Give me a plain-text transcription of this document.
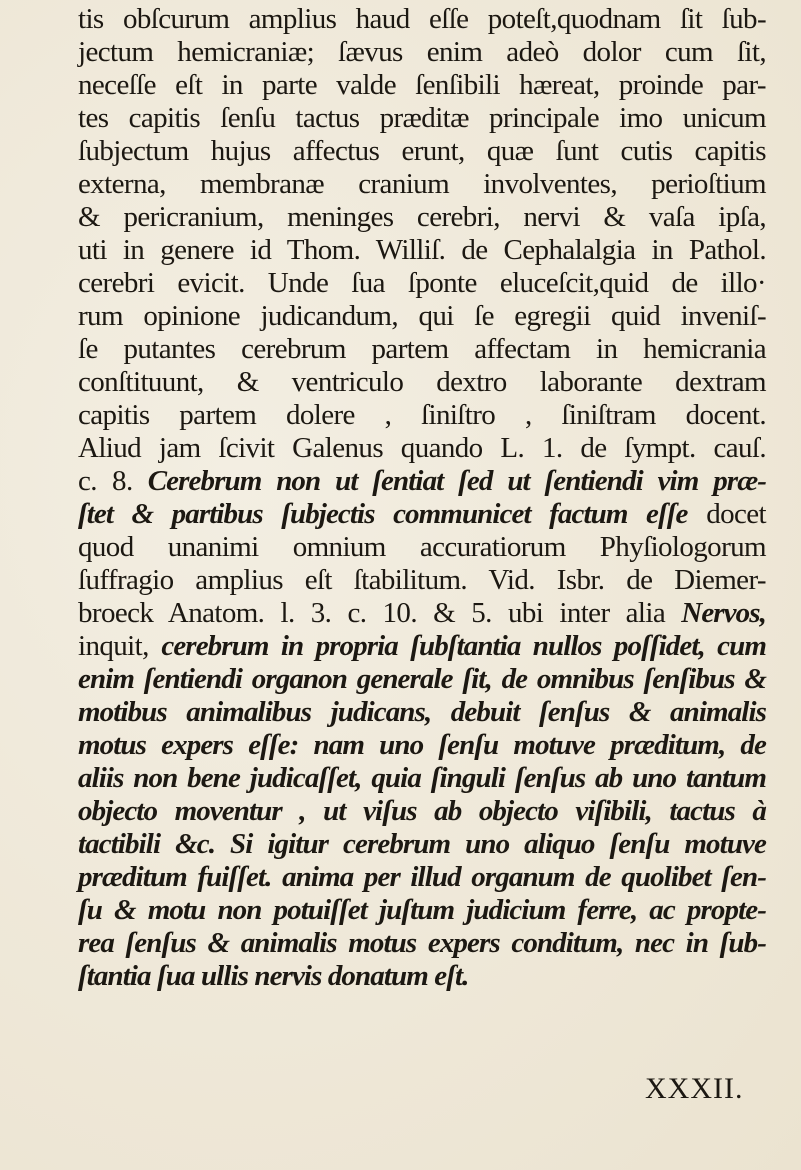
tis obſcurum amplius haud eſſe poteſt,quodnam ſit ſub-
jectum hemicraniæ; ſævus enim adeò dolor cum ſit,
neceſſe eſt in parte valde ſenſibili hæreat, proinde par-
tes capitis ſenſu tactus præditæ principale imo unicum
ſubjectum hujus affectus erunt, quæ ſunt cutis capitis
externa, membranæ cranium involventes, perioſtium
& pericranium, meninges cerebri, nervi & vaſa ipſa,
uti in genere id Thom. Williſ. de Cephalalgia in Pathol.
cerebri evicit. Unde ſua ſponte eluceſcit,quid de illo·
rum opinione judicandum, qui ſe egregii quid inveniſ-
ſe putantes cerebrum partem affectam in hemicrania
conſtituunt, & ventriculo dextro laborante dextram
capitis partem dolere , ſiniſtro , ſiniſtram docent.
Aliud jam ſcivit Galenus quando L. 1. de ſympt. cauſ.
c. 8. Cerebrum non ut ſentiat ſed ut ſentiendi vim præ-
ſtet & partibus ſubjectis communicet factum eſſe docet
quod unanimi omnium accuratiorum Phyſiologorum
ſuffragio amplius eſt ſtabilitum. Vid. Isbr. de Diemer-
broeck Anatom. l. 3. c. 10. & 5. ubi inter alia Nervos,
inquit, cerebrum in propria ſubſtantia nullos poſſidet, cum
enim ſentiendi organon generale ſit, de omnibus ſenſibus &
motibus animalibus judicans, debuit ſenſus & animalis
motus expers eſſe: nam uno ſenſu motuve præditum, de
aliis non bene judicaſſet, quia ſinguli ſenſus ab uno tantum
objecto moventur , ut viſus ab objecto viſibili, tactus à
tactibili &c. Si igitur cerebrum uno aliquo ſenſu motuve
præditum fuiſſet. anima per illud organum de quolibet ſen-
ſu & motu non potuiſſet juſtum judicium ferre, ac propte-
rea ſenſus & animalis motus expers conditum, nec in ſub-
ſtantia ſua ullis nervis donatum eſt.
XXXII.
